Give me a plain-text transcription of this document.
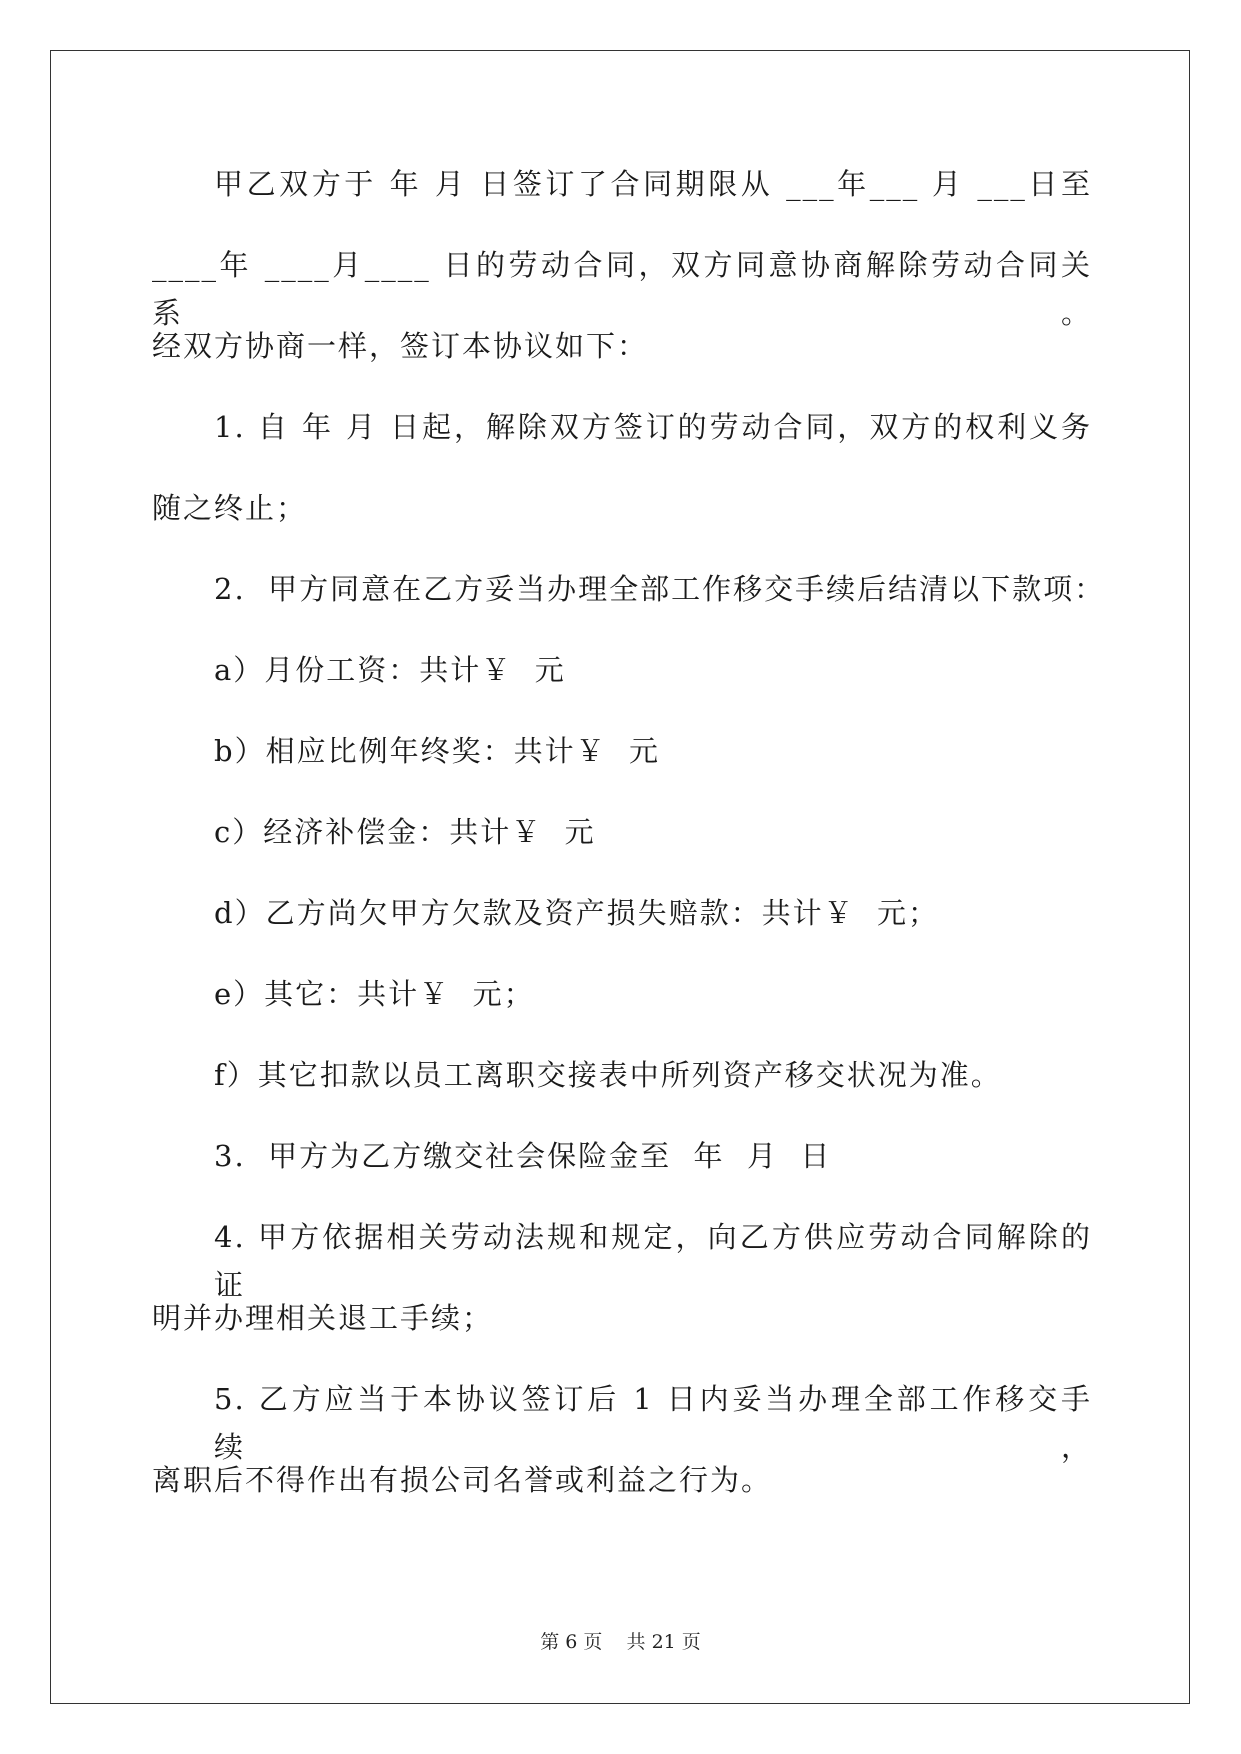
甲乙双方于 年 月 日签订了合同期限从 ___年___ 月 ___日至
____年 ____月____ 日的劳动合同，双方同意协商解除劳动合同关系。
经双方协商一样，签订本协议如下：
1. 自 年 月 日起，解除双方签订的劳动合同，双方的权利义务
随之终止；
2.  甲方同意在乙方妥当办理全部工作移交手续后结清以下款项：
a）月份工资：共计￥  元
b）相应比例年终奖：共计￥  元
c）经济补偿金：共计￥  元
d）乙方尚欠甲方欠款及资产损失赔款：共计￥  元；
e）其它：共计￥  元；
f）其它扣款以员工离职交接表中所列资产移交状况为准。
3.  甲方为乙方缴交社会保险金至  年  月  日
4. 甲方依据相关劳动法规和规定，向乙方供应劳动合同解除的证
明并办理相关退工手续；
5. 乙方应当于本协议签订后 1 日内妥当办理全部工作移交手续，
离职后不得作出有损公司名誉或利益之行为。
第 6 页    共 21 页
